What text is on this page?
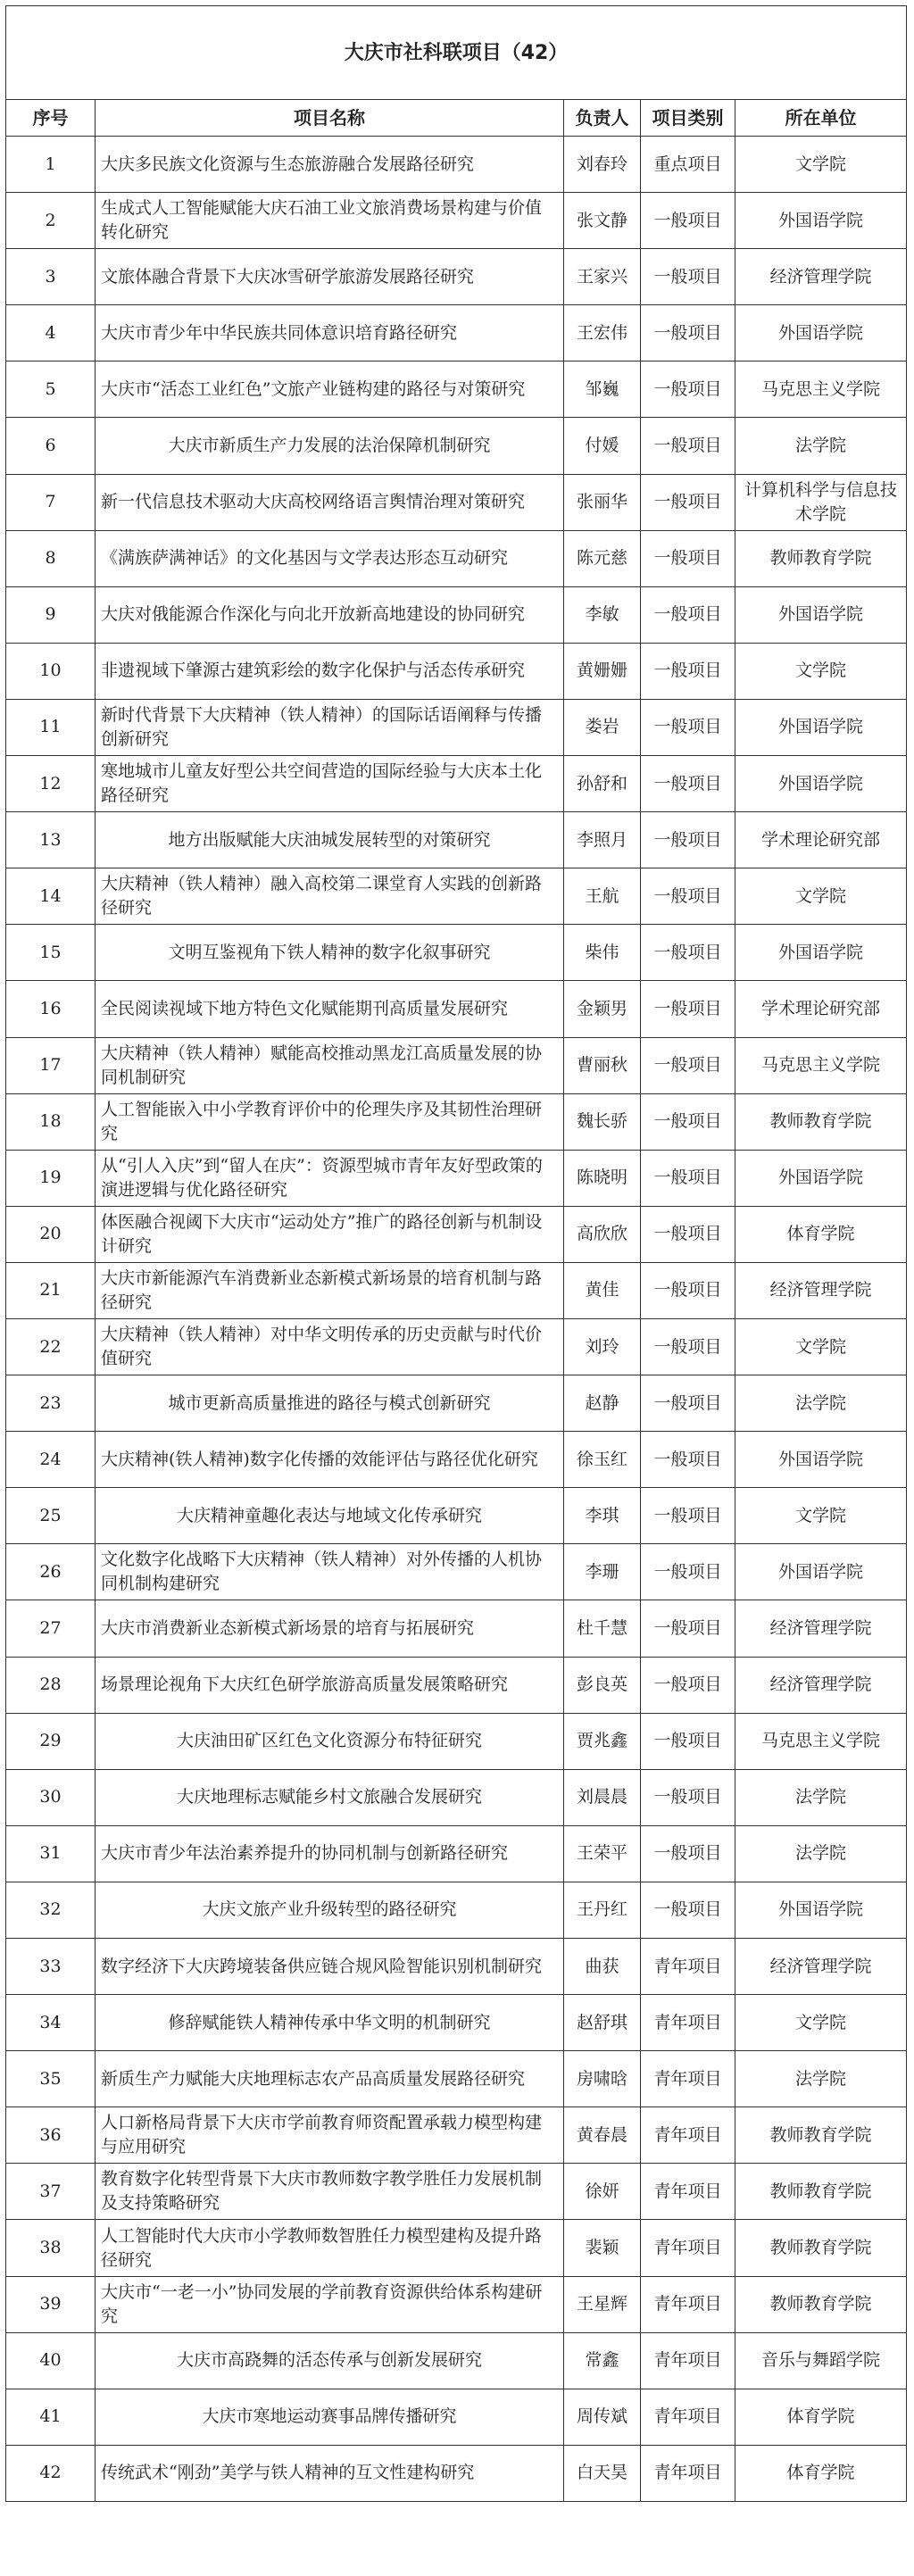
大庆市社科联项目（42）				
序号	项目名称	负责人	项目类别	所在单位
1	大庆多民族文化资源与生态旅游融合发展路径研究	刘春玲	重点项目	文学院
2	生成式人工智能赋能大庆石油工业文旅消费场景构建与价值转化研究	张文静	一般项目	外国语学院
3	文旅体融合背景下大庆冰雪研学旅游发展路径研究	王家兴	一般项目	经济管理学院
4	大庆市青少年中华民族共同体意识培育路径研究	王宏伟	一般项目	外国语学院
5	大庆市“活态工业红色”文旅产业链构建的路径与对策研究	邹巍	一般项目	马克思主义学院
6	大庆市新质生产力发展的法治保障机制研究	付媛	一般项目	法学院
7	新一代信息技术驱动大庆高校网络语言舆情治理对策研究	张丽华	一般项目	计算机科学与信息技术学院
8	《满族萨满神话》的文化基因与文学表达形态互动研究	陈元慈	一般项目	教师教育学院
9	大庆对俄能源合作深化与向北开放新高地建设的协同研究	李敏	一般项目	外国语学院
10	非遗视域下肇源古建筑彩绘的数字化保护与活态传承研究	黄姗姗	一般项目	文学院
11	新时代背景下大庆精神（铁人精神）的国际话语阐释与传播创新研究	娄岩	一般项目	外国语学院
12	寒地城市儿童友好型公共空间营造的国际经验与大庆本土化路径研究	孙舒和	一般项目	外国语学院
13	地方出版赋能大庆油城发展转型的对策研究	李照月	一般项目	学术理论研究部
14	大庆精神（铁人精神）融入高校第二课堂育人实践的创新路径研究	王航	一般项目	文学院
15	文明互鉴视角下铁人精神的数字化叙事研究	柴伟	一般项目	外国语学院
16	全民阅读视域下地方特色文化赋能期刊高质量发展研究	金颖男	一般项目	学术理论研究部
17	大庆精神（铁人精神）赋能高校推动黑龙江高质量发展的协同机制研究	曹丽秋	一般项目	马克思主义学院
18	人工智能嵌入中小学教育评价中的伦理失序及其韧性治理研究	魏长骄	一般项目	教师教育学院
19	从“引人入庆”到“留人在庆”：资源型城市青年友好型政策的演进逻辑与优化路径研究	陈晓明	一般项目	外国语学院
20	体医融合视阈下大庆市“运动处方”推广的路径创新与机制设计研究	高欣欣	一般项目	体育学院
21	大庆市新能源汽车消费新业态新模式新场景的培育机制与路径研究	黄佳	一般项目	经济管理学院
22	大庆精神（铁人精神）对中华文明传承的历史贡献与时代价值研究	刘玲	一般项目	文学院
23	城市更新高质量推进的路径与模式创新研究	赵静	一般项目	法学院
24	大庆精神(铁人精神)数字化传播的效能评估与路径优化研究	徐玉红	一般项目	外国语学院
25	大庆精神童趣化表达与地域文化传承研究	李琪	一般项目	文学院
26	文化数字化战略下大庆精神（铁人精神）对外传播的人机协同机制构建研究	李珊	一般项目	外国语学院
27	大庆市消费新业态新模式新场景的培育与拓展研究	杜千慧	一般项目	经济管理学院
28	场景理论视角下大庆红色研学旅游高质量发展策略研究	彭良英	一般项目	经济管理学院
29	大庆油田矿区红色文化资源分布特征研究	贾兆鑫	一般项目	马克思主义学院
30	大庆地理标志赋能乡村文旅融合发展研究	刘晨晨	一般项目	法学院
31	大庆市青少年法治素养提升的协同机制与创新路径研究	王荣平	一般项目	法学院
32	大庆文旅产业升级转型的路径研究	王丹红	一般项目	外国语学院
33	数字经济下大庆跨境装备供应链合规风险智能识别机制研究	曲获	青年项目	经济管理学院
34	修辞赋能铁人精神传承中华文明的机制研究	赵舒琪	青年项目	文学院
35	新质生产力赋能大庆地理标志农产品高质量发展路径研究	房啸晗	青年项目	法学院
36	人口新格局背景下大庆市学前教育师资配置承载力模型构建与应用研究	黄春晨	青年项目	教师教育学院
37	教育数字化转型背景下大庆市教师数字教学胜任力发展机制及支持策略研究	徐妍	青年项目	教师教育学院
38	人工智能时代大庆市小学教师数智胜任力模型建构及提升路径研究	裴颖	青年项目	教师教育学院
39	大庆市“一老一小”协同发展的学前教育资源供给体系构建研究	王星辉	青年项目	教师教育学院
40	大庆市高跷舞的活态传承与创新发展研究	常鑫	青年项目	音乐与舞蹈学院
41	大庆市寒地运动赛事品牌传播研究	周传斌	青年项目	体育学院
42	传统武术“刚劲”美学与铁人精神的互文性建构研究	白天昊	青年项目	体育学院
